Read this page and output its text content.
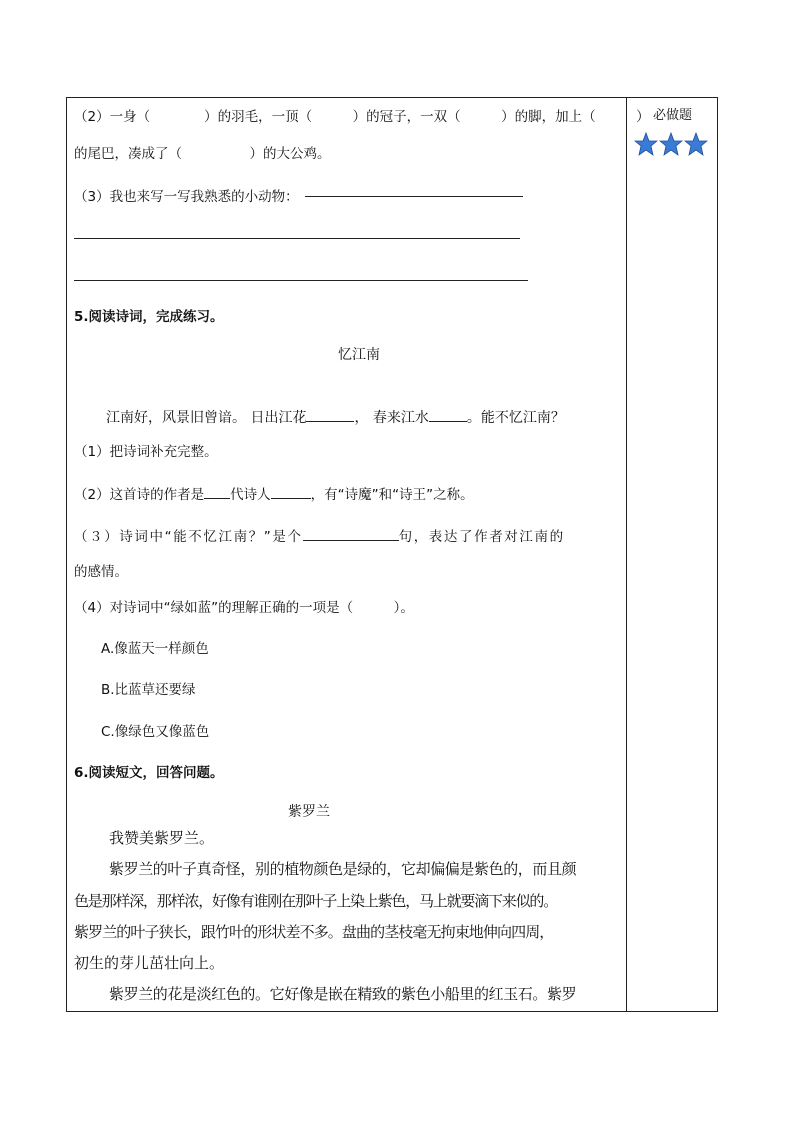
必做题
（2）一身（　　　　）的羽毛，一顶（　　　）的冠子，一双（　　　）的脚，加上（　　　）
的尾巴，凑成了（　　　　　）的大公鸡。
（3）我也来写一写我熟悉的小动物：
5.阅读诗词，完成练习。
忆江南
江南好，风景旧曾谙。 日出江花	， 春来江水	。能不忆江南？
（1）把诗词补充完整。
（2）这首诗的作者是 代诗人	，有“诗魔”和“诗王”之称。
（３）诗词中“能不忆江南？”是个	句，表达了作者对江南的
的感情。
（4）对诗词中“绿如蓝”的理解正确的一项是（　　　）。
A.像蓝天一样颜色
B.比蓝草还要绿
C.像绿色又像蓝色
6.阅读短文，回答问题。
紫罗兰
我赞美紫罗兰。
紫罗兰的叶子真奇怪，别的植物颜色是绿的，它却偏偏是紫色的，而且颜
色是那样深，那样浓，好像有谁刚在那叶子上染上紫色，马上就要滴下来似的。
紫罗兰的叶子狭长，跟竹叶的形状差不多。盘曲的茎枝毫无拘束地伸向四周，
初生的芽儿茁壮向上。
紫罗兰的花是淡红色的。它好像是嵌在精致的紫色小船里的红玉石。紫罗
